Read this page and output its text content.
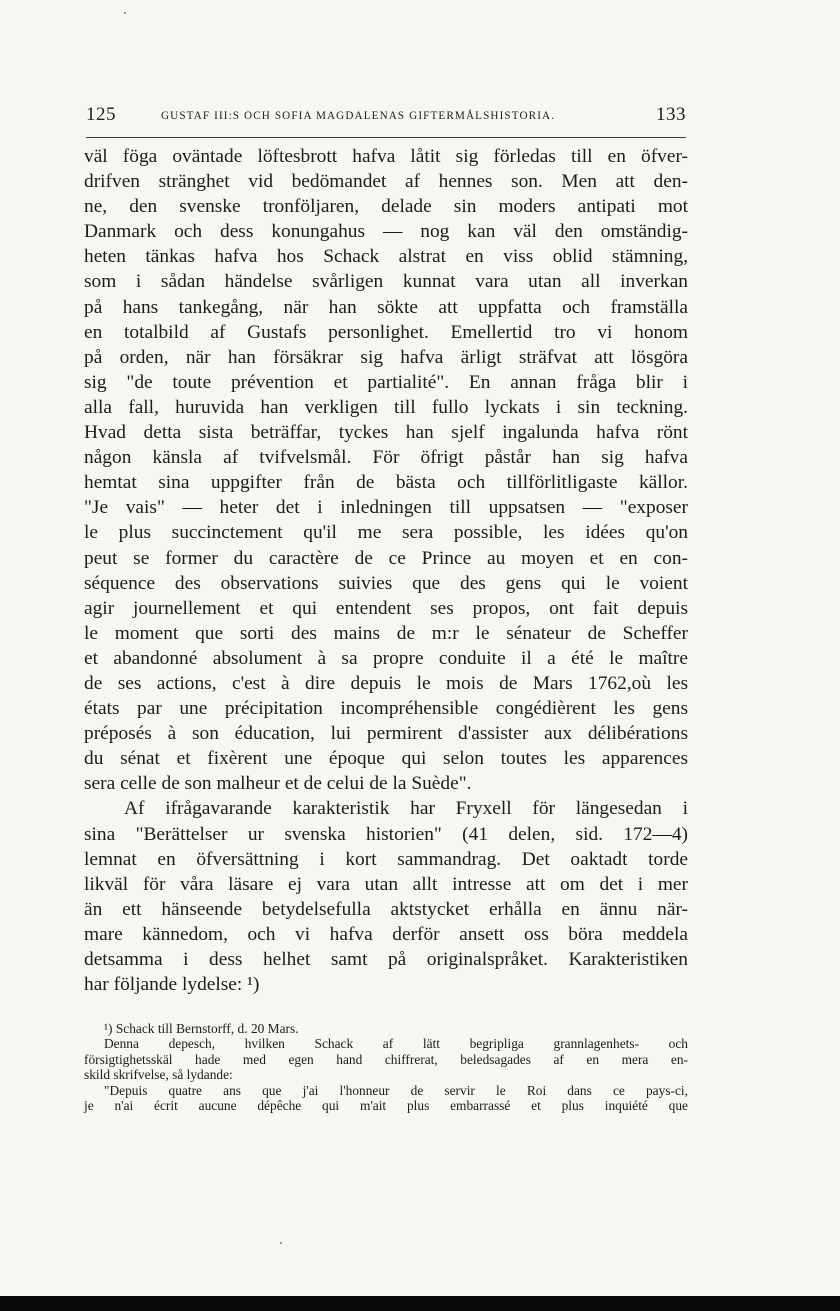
125	GUSTAF III:S OCH SOFIA MAGDALENAS GIFTERMÅLSHISTORIA.	133
väl föga oväntade löftesbrott hafva låtit sig förledas till en öfver-
drifven stränghet vid bedömandet af hennes son. Men att den-
ne, den svenske tronföljaren, delade sin moders antipati mot
Danmark och dess konungahus — nog kan väl den omständig-
heten tänkas hafva hos Schack alstrat en viss oblid stämning,
som i sådan händelse svårligen kunnat vara utan all inverkan
på hans tankegång, när han sökte att uppfatta och framställa
en totalbild af Gustafs personlighet. Emellertid tro vi honom
på orden, när han försäkrar sig hafva ärligt sträfvat att lösgöra
sig "de toute prévention et partialité". En annan fråga blir i
alla fall, huruvida han verkligen till fullo lyckats i sin teckning.
Hvad detta sista beträffar, tyckes han sjelf ingalunda hafva rönt
någon känsla af tvifvelsmål. För öfrigt påstår han sig hafva
hemtat sina uppgifter från de bästa och tillförlitligaste källor.
"Je vais" — heter det i inledningen till uppsatsen — "exposer
le plus succinctement qu'il me sera possible, les idées qu'on
peut se former du caractère de ce Prince au moyen et en con-
séquence des observations suivies que des gens qui le voient
agir journellement et qui entendent ses propos, ont fait depuis
le moment que sorti des mains de m:r le sénateur de Scheffer
et abandonné absolument à sa propre conduite il a été le maître
de ses actions, c'est à dire depuis le mois de Mars 1762,où les
états par une précipitation incompréhensible congédièrent les gens
préposés à son éducation, lui permirent d'assister aux délibérations
du sénat et fixèrent une époque qui selon toutes les apparences
sera celle de son malheur et de celui de la Suède".
Af ifrågavarande karakteristik har Fryxell för längesedan i
sina "Berättelser ur svenska historien" (41 delen, sid. 172—4)
lemnat en öfversättning i kort sammandrag. Det oaktadt torde
likväl för våra läsare ej vara utan allt intresse att om det i mer
än ett hänseende betydelsefulla aktstycket erhålla en ännu när-
mare kännedom, och vi hafva derför ansett oss böra meddela
detsamma i dess helhet samt på originalspråket. Karakteristiken
har följande lydelse: ¹)
¹) Schack till Bernstorff, d. 20 Mars.
Denna depesch, hvilken Schack af lätt begripliga grannlagenhets- och
försigtighetsskäl hade med egen hand chiffrerat, beledsagades af en mera en-
skild skrifvelse, så lydande:
"Depuis quatre ans que j'ai l'honneur de servir le Roi dans ce pays-ci,
je n'ai écrit aucune dépêche qui m'ait plus embarrassé et plus inquiété que
